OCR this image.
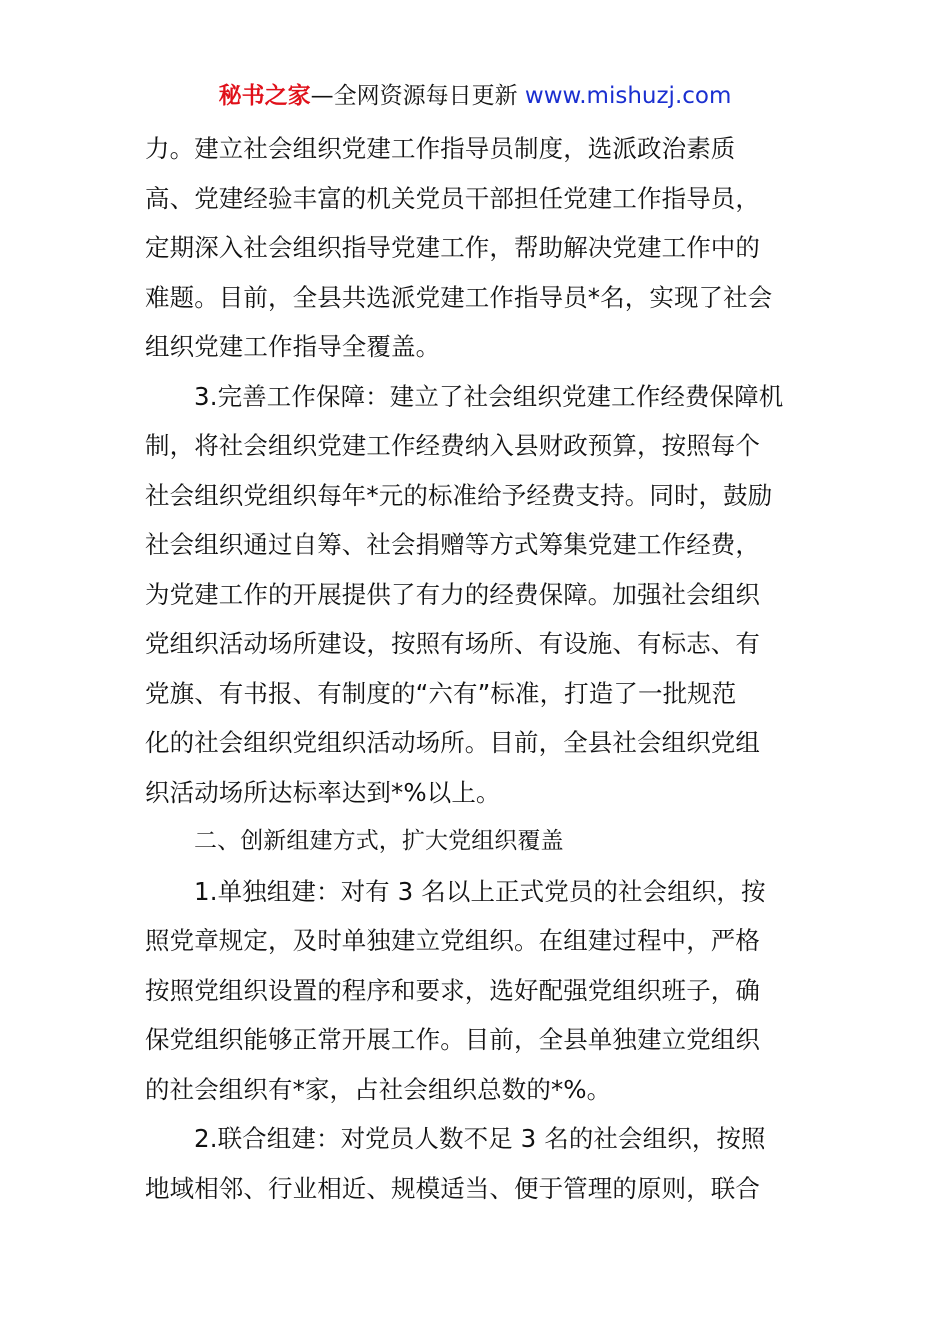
秘书之家—全网资源每日更新 www.mishuzj.com
力。建立社会组织党建工作指导员制度，选派政治素质
高、党建经验丰富的机关党员干部担任党建工作指导员，
定期深入社会组织指导党建工作，帮助解决党建工作中的
难题。目前，全县共选派党建工作指导员*名，实现了社会
组织党建工作指导全覆盖。
3.完善工作保障：建立了社会组织党建工作经费保障机
制，将社会组织党建工作经费纳入县财政预算，按照每个
社会组织党组织每年*元的标准给予经费支持。同时，鼓励
社会组织通过自筹、社会捐赠等方式筹集党建工作经费，
为党建工作的开展提供了有力的经费保障。加强社会组织
党组织活动场所建设，按照有场所、有设施、有标志、有
党旗、有书报、有制度的“六有”标准，打造了一批规范
化的社会组织党组织活动场所。目前，全县社会组织党组
织活动场所达标率达到*%以上。
二、创新组建方式，扩大党组织覆盖
1.单独组建：对有 3 名以上正式党员的社会组织，按
照党章规定，及时单独建立党组织。在组建过程中，严格
按照党组织设置的程序和要求，选好配强党组织班子，确
保党组织能够正常开展工作。目前，全县单独建立党组织
的社会组织有*家，占社会组织总数的*%。
2.联合组建：对党员人数不足 3 名的社会组织，按照
地域相邻、行业相近、规模适当、便于管理的原则，联合
